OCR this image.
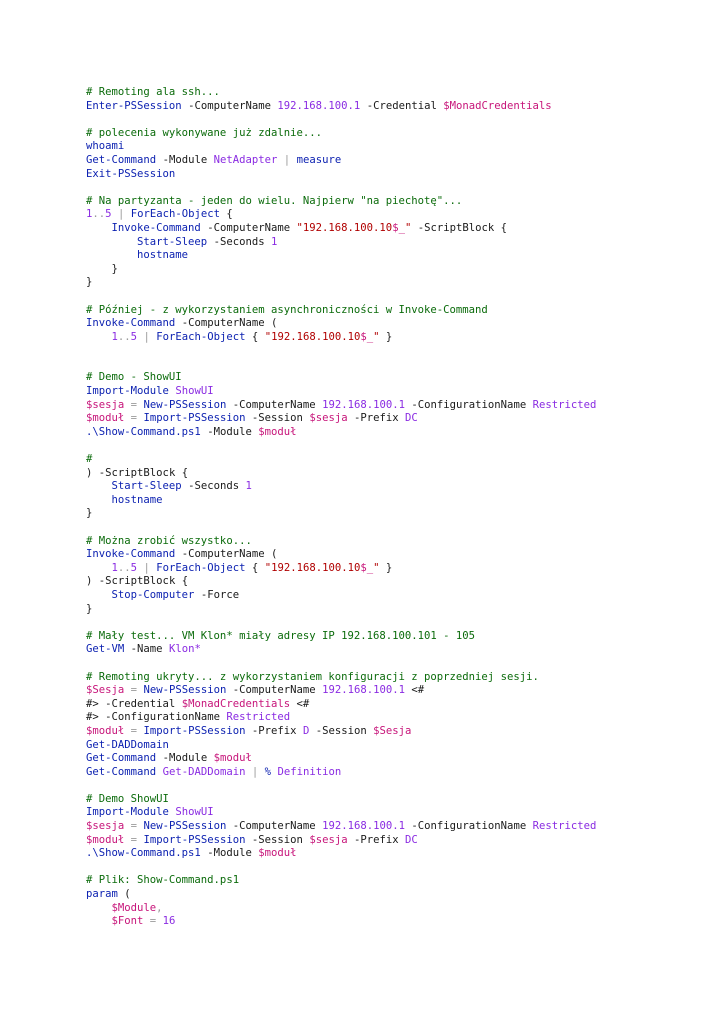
# Remoting ala ssh...
Enter-PSSession -ComputerName 192.168.100.1 -Credential $MonadCredentials
# polecenia wykonywane już zdalnie...
whoami
Get-Command -Module NetAdapter | measure
Exit-PSSession
# Na partyzanta - jeden do wielu. Najpierw "na piechotę"...
1..5 | ForEach-Object {
Invoke-Command -ComputerName "192.168.100.10$_" -ScriptBlock {
Start-Sleep -Seconds 1
hostname
}
}
# Później - z wykorzystaniem asynchroniczności w Invoke-Command
Invoke-Command -ComputerName (
1..5 | ForEach-Object { "192.168.100.10$_" }
# Demo - ShowUI
Import-Module ShowUI
$sesja = New-PSSession -ComputerName 192.168.100.1 -ConfigurationName Restricted
$moduł = Import-PSSession -Session $sesja -Prefix DC
.\Show-Command.ps1 -Module $moduł
#
) -ScriptBlock {
Start-Sleep -Seconds 1
hostname
}
# Można zrobić wszystko...
Invoke-Command -ComputerName (
1..5 | ForEach-Object { "192.168.100.10$_" }
) -ScriptBlock {
Stop-Computer -Force
}
# Mały test... VM Klon* miały adresy IP 192.168.100.101 - 105
Get-VM -Name Klon*
# Remoting ukryty... z wykorzystaniem konfiguracji z poprzedniej sesji.
$Sesja = New-PSSession -ComputerName 192.168.100.1 <#
#> -Credential $MonadCredentials <#
#> -ConfigurationName Restricted
$moduł = Import-PSSession -Prefix D -Session $Sesja
Get-DADDomain
Get-Command -Module $moduł
Get-Command Get-DADDomain | % Definition
# Demo ShowUI
Import-Module ShowUI
$sesja = New-PSSession -ComputerName 192.168.100.1 -ConfigurationName Restricted
$moduł = Import-PSSession -Session $sesja -Prefix DC
.\Show-Command.ps1 -Module $moduł
# Plik: Show-Command.ps1
param (
$Module,
$Font = 16
